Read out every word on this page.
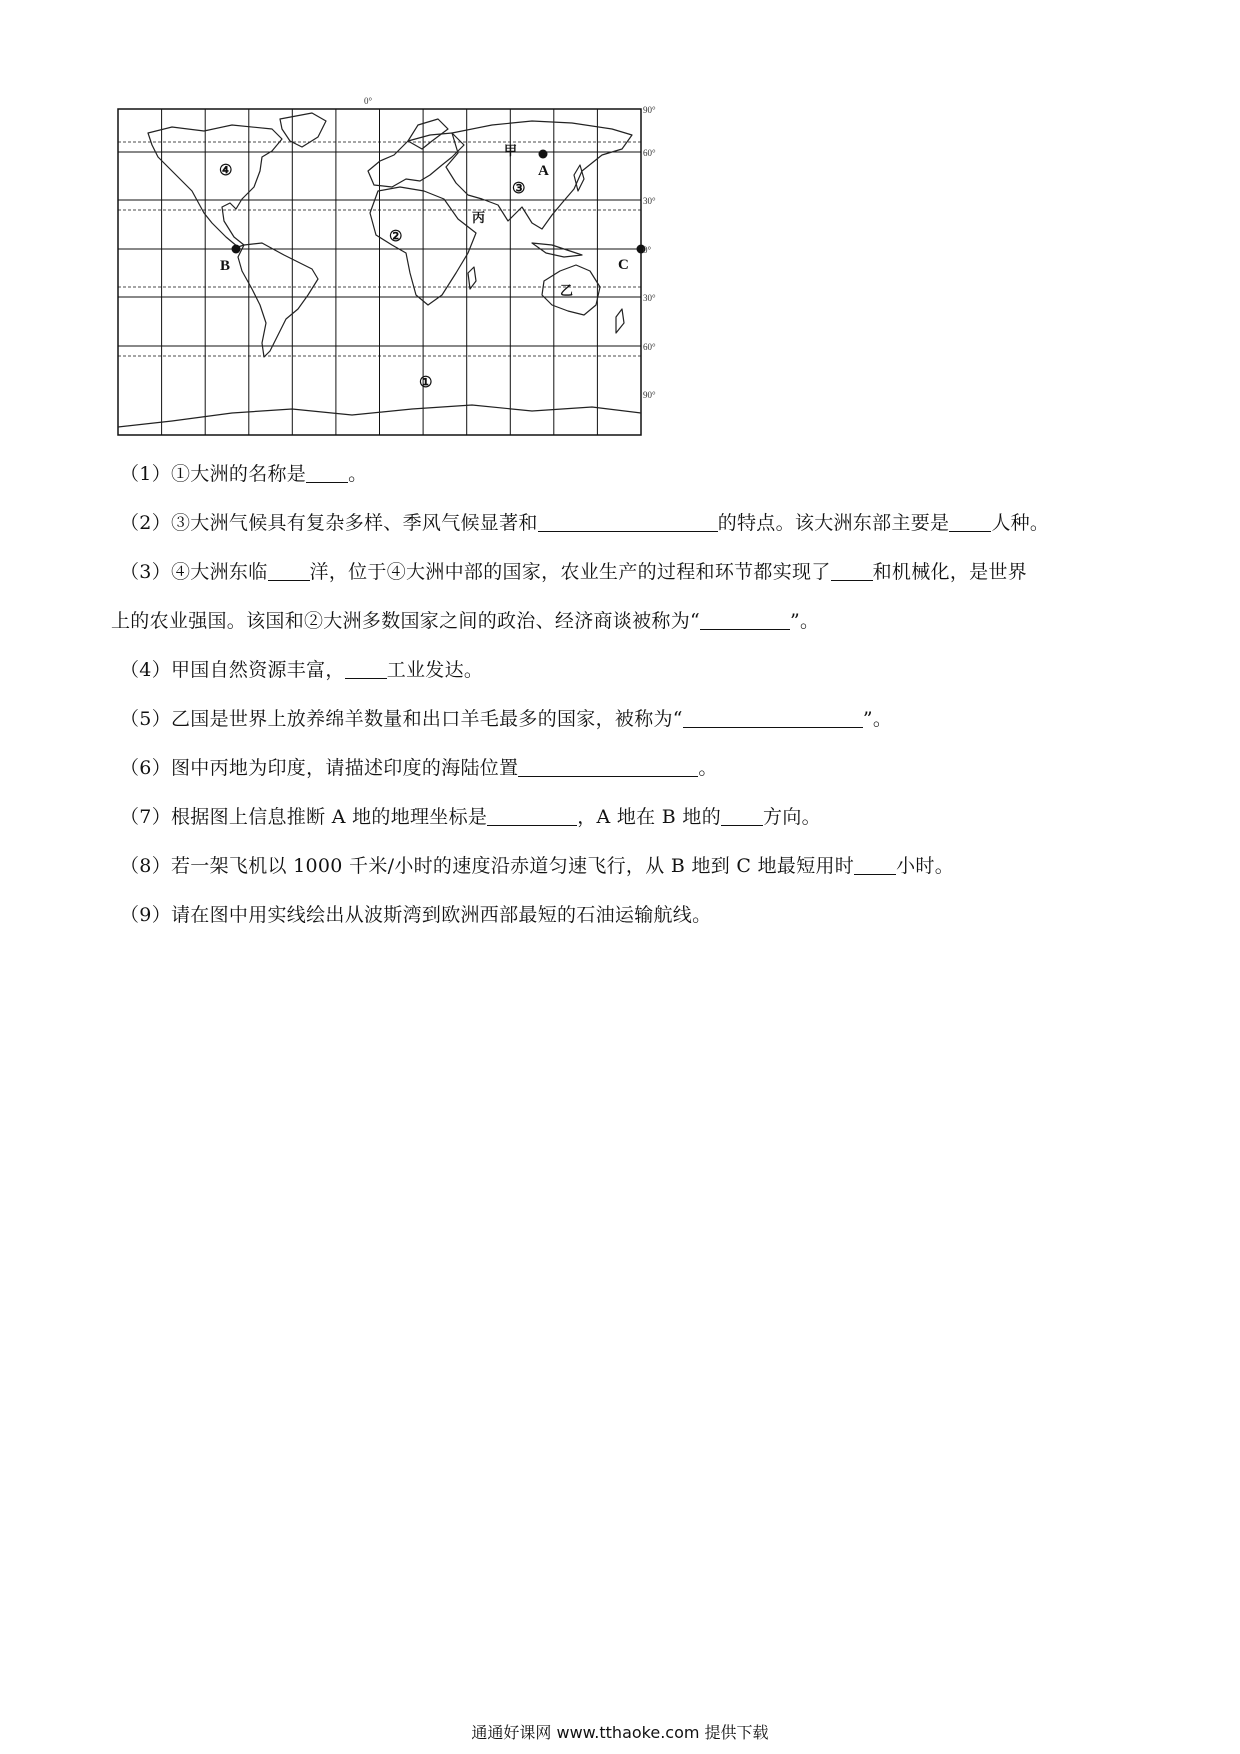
0°
90°
60°
30°
0°
30°
60°
90°
①
②
③
④	A
B	C
甲
乙
丙
（1）①大洲的名称是 。
（2）③大洲气候具有复杂多样、季风气候显著和	的特点。该大洲东部主要是 人种。
（3）④大洲东临 洋，位于④大洲中部的国家，农业生产的过程和环节都实现了 和机械化，是世界
上的农业强国。该国和②大洲多数国家之间的政治、经济商谈被称为“	”。
（4）甲国自然资源丰富， 工业发达。
（5）乙国是世界上放养绵羊数量和出口羊毛最多的国家，被称为“	”。
（6）图中丙地为印度，请描述印度的海陆位置	。
（7）根据图上信息推断 A 地的地理坐标是	，A 地在 B 地的 方向。
（8）若一架飞机以 1000 千米/小时的速度沿赤道匀速飞行，从 B 地到 C 地最短用时 小时。
（9）请在图中用实线绘出从波斯湾到欧洲西部最短的石油运输航线。
通通好课网 www.tthaoke.com 提供下载
